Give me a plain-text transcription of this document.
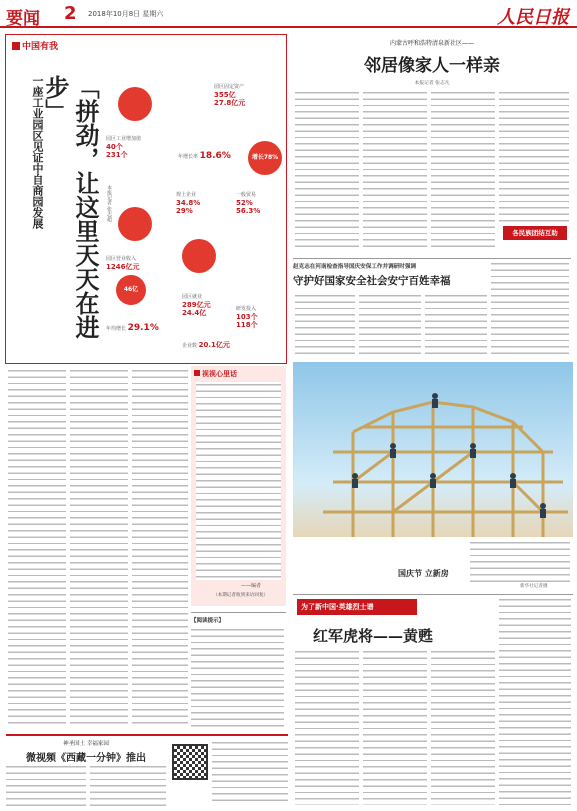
要闻 2 2018年10月8日 星期六	人民日报
中国有我
一座工业园区见证中自商园发展	「拼劲，让这里天天在进步」
本报记者 张志超
园区固定资产
355亿
27.8亿元
园区工业增加值
40个
231个	年增长率 18.6%	增长78%
规上企业
34.8%
29%
一般贸易
52%
56.3%
园区营业收入
1246亿元
46亿
年均增长 29.1%
园区就业
289亿元
24.4亿	研发投入
103个
118个
企业数 20.1亿元
视视心里话
——编者
（本期记者收到来访回复）
【阅读提示】
神圣国土 幸福家园
微视频《西藏一分钟》推出
内蒙古呼和浩特清泉新社区——
邻居像家人一样亲
本报记者 张志凡
各民族团结互助
赵克志在河南检查指导国庆安保工作并调研时强调
守护好国家安全社会安宁百姓幸福
国庆节 立新房
新华社记者摄
为了新中国·英雄烈士谱
红军虎将——黄甦
